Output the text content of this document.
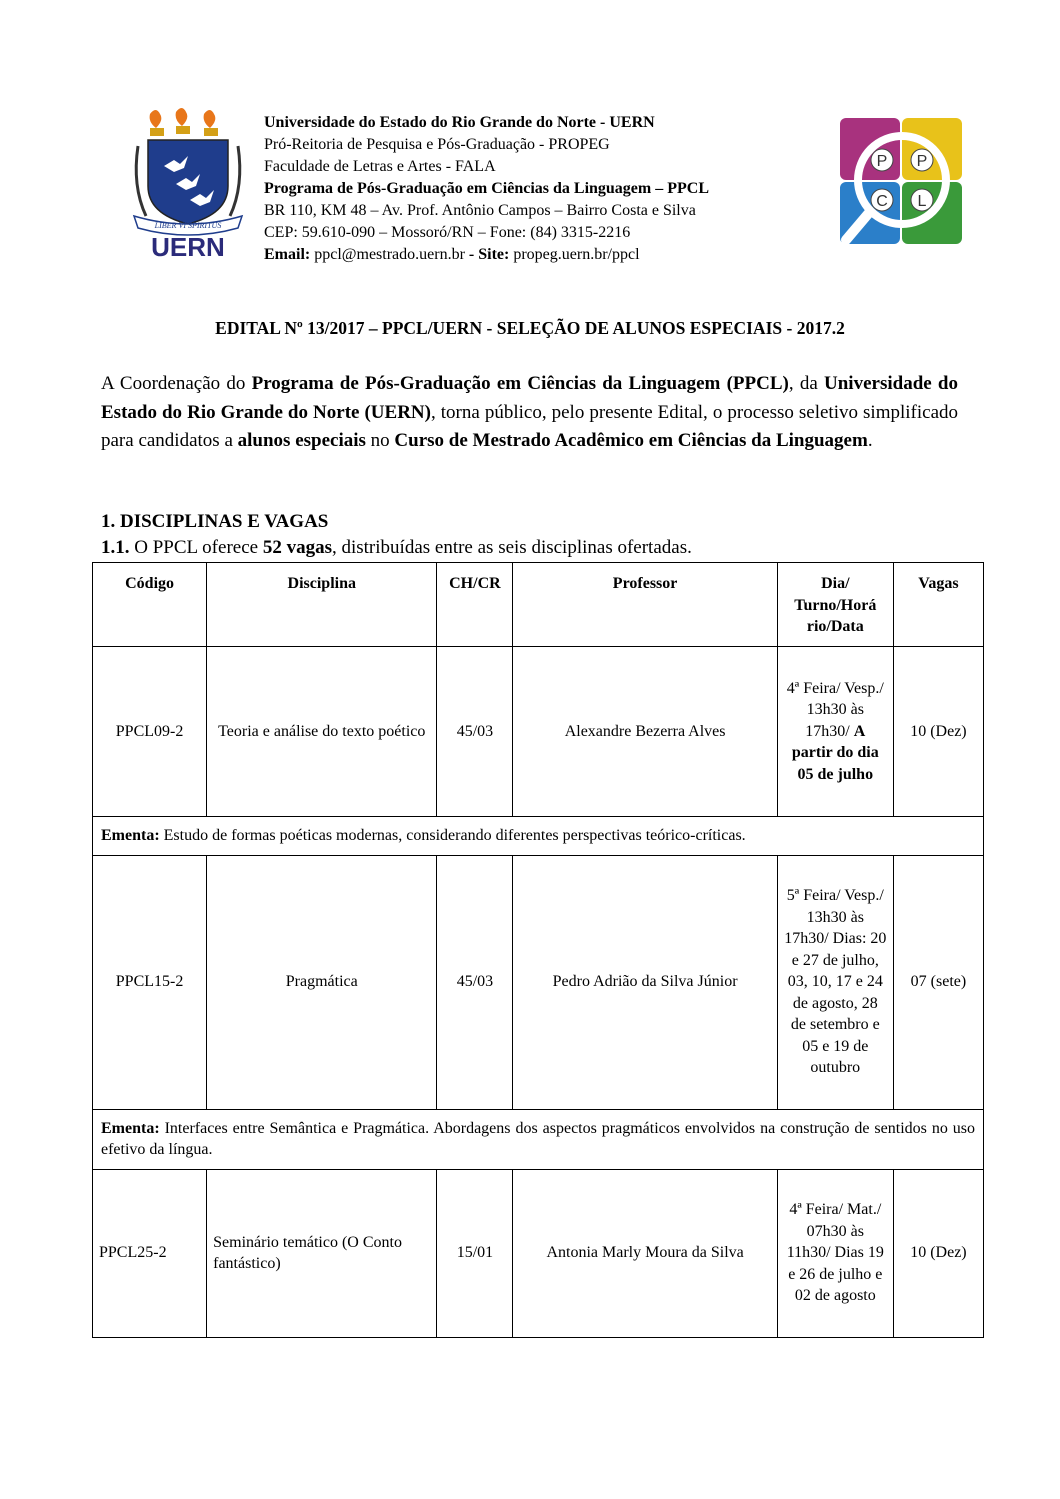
LIBER VI SPIRITUS
UERN
Universidade do Estado do Rio Grande do Norte - UERN
Pró-Reitoria de Pesquisa e Pós-Graduação - PROPEG
Faculdade de Letras e Artes - FALA
Programa de Pós-Graduação em Ciências da Linguagem – PPCL
BR 110, KM 48 – Av. Prof. Antônio Campos – Bairro Costa e Silva
CEP: 59.610-090 – Mossoró/RN – Fone: (84) 3315-2216
Email: ppcl@mestrado.uern.br - Site: propeg.uern.br/ppcl
P P
C L
EDITAL Nº 13/2017 – PPCL/UERN - SELEÇÃO DE ALUNOS ESPECIAIS - 2017.2
A Coordenação do Programa de Pós-Graduação em Ciências da Linguagem (PPCL), da Universidade do Estado do Rio Grande do Norte (UERN), torna público, pelo presente Edital, o processo seletivo simplificado para candidatos a alunos especiais no Curso de Mestrado Acadêmico em Ciências da Linguagem.
1. DISCIPLINAS E VAGAS
1.1. O PPCL oferece 52 vagas, distribuídas entre as seis disciplinas ofertadas.
Código	Disciplina	CH/CR	Professor	Dia/ Turno/Horá rio/Data	Vagas
PPCL09-2	Teoria e análise do texto poético	45/03	Alexandre Bezerra Alves	4ª Feira/ Vesp./ 13h30 às 17h30/ A partir do dia 05 de julho	10 (Dez)
Ementa: Estudo de formas poéticas modernas, considerando diferentes perspectivas teórico-críticas.					
PPCL15-2	Pragmática	45/03	Pedro Adrião da Silva Júnior	5ª Feira/ Vesp./ 13h30 às 17h30/ Dias: 20 e 27 de julho, 03, 10, 17 e 24 de agosto, 28 de setembro e 05 e 19 de outubro	07 (sete)
Ementa: Interfaces entre Semântica e Pragmática. Abordagens dos aspectos pragmáticos envolvidos na construção de sentidos no uso efetivo da língua.					
PPCL25-2	Seminário temático (O Conto fantástico)	15/01	Antonia Marly Moura da Silva	4ª Feira/ Mat./ 07h30 às 11h30/ Dias 19 e 26 de julho e 02 de agosto	10 (Dez)
